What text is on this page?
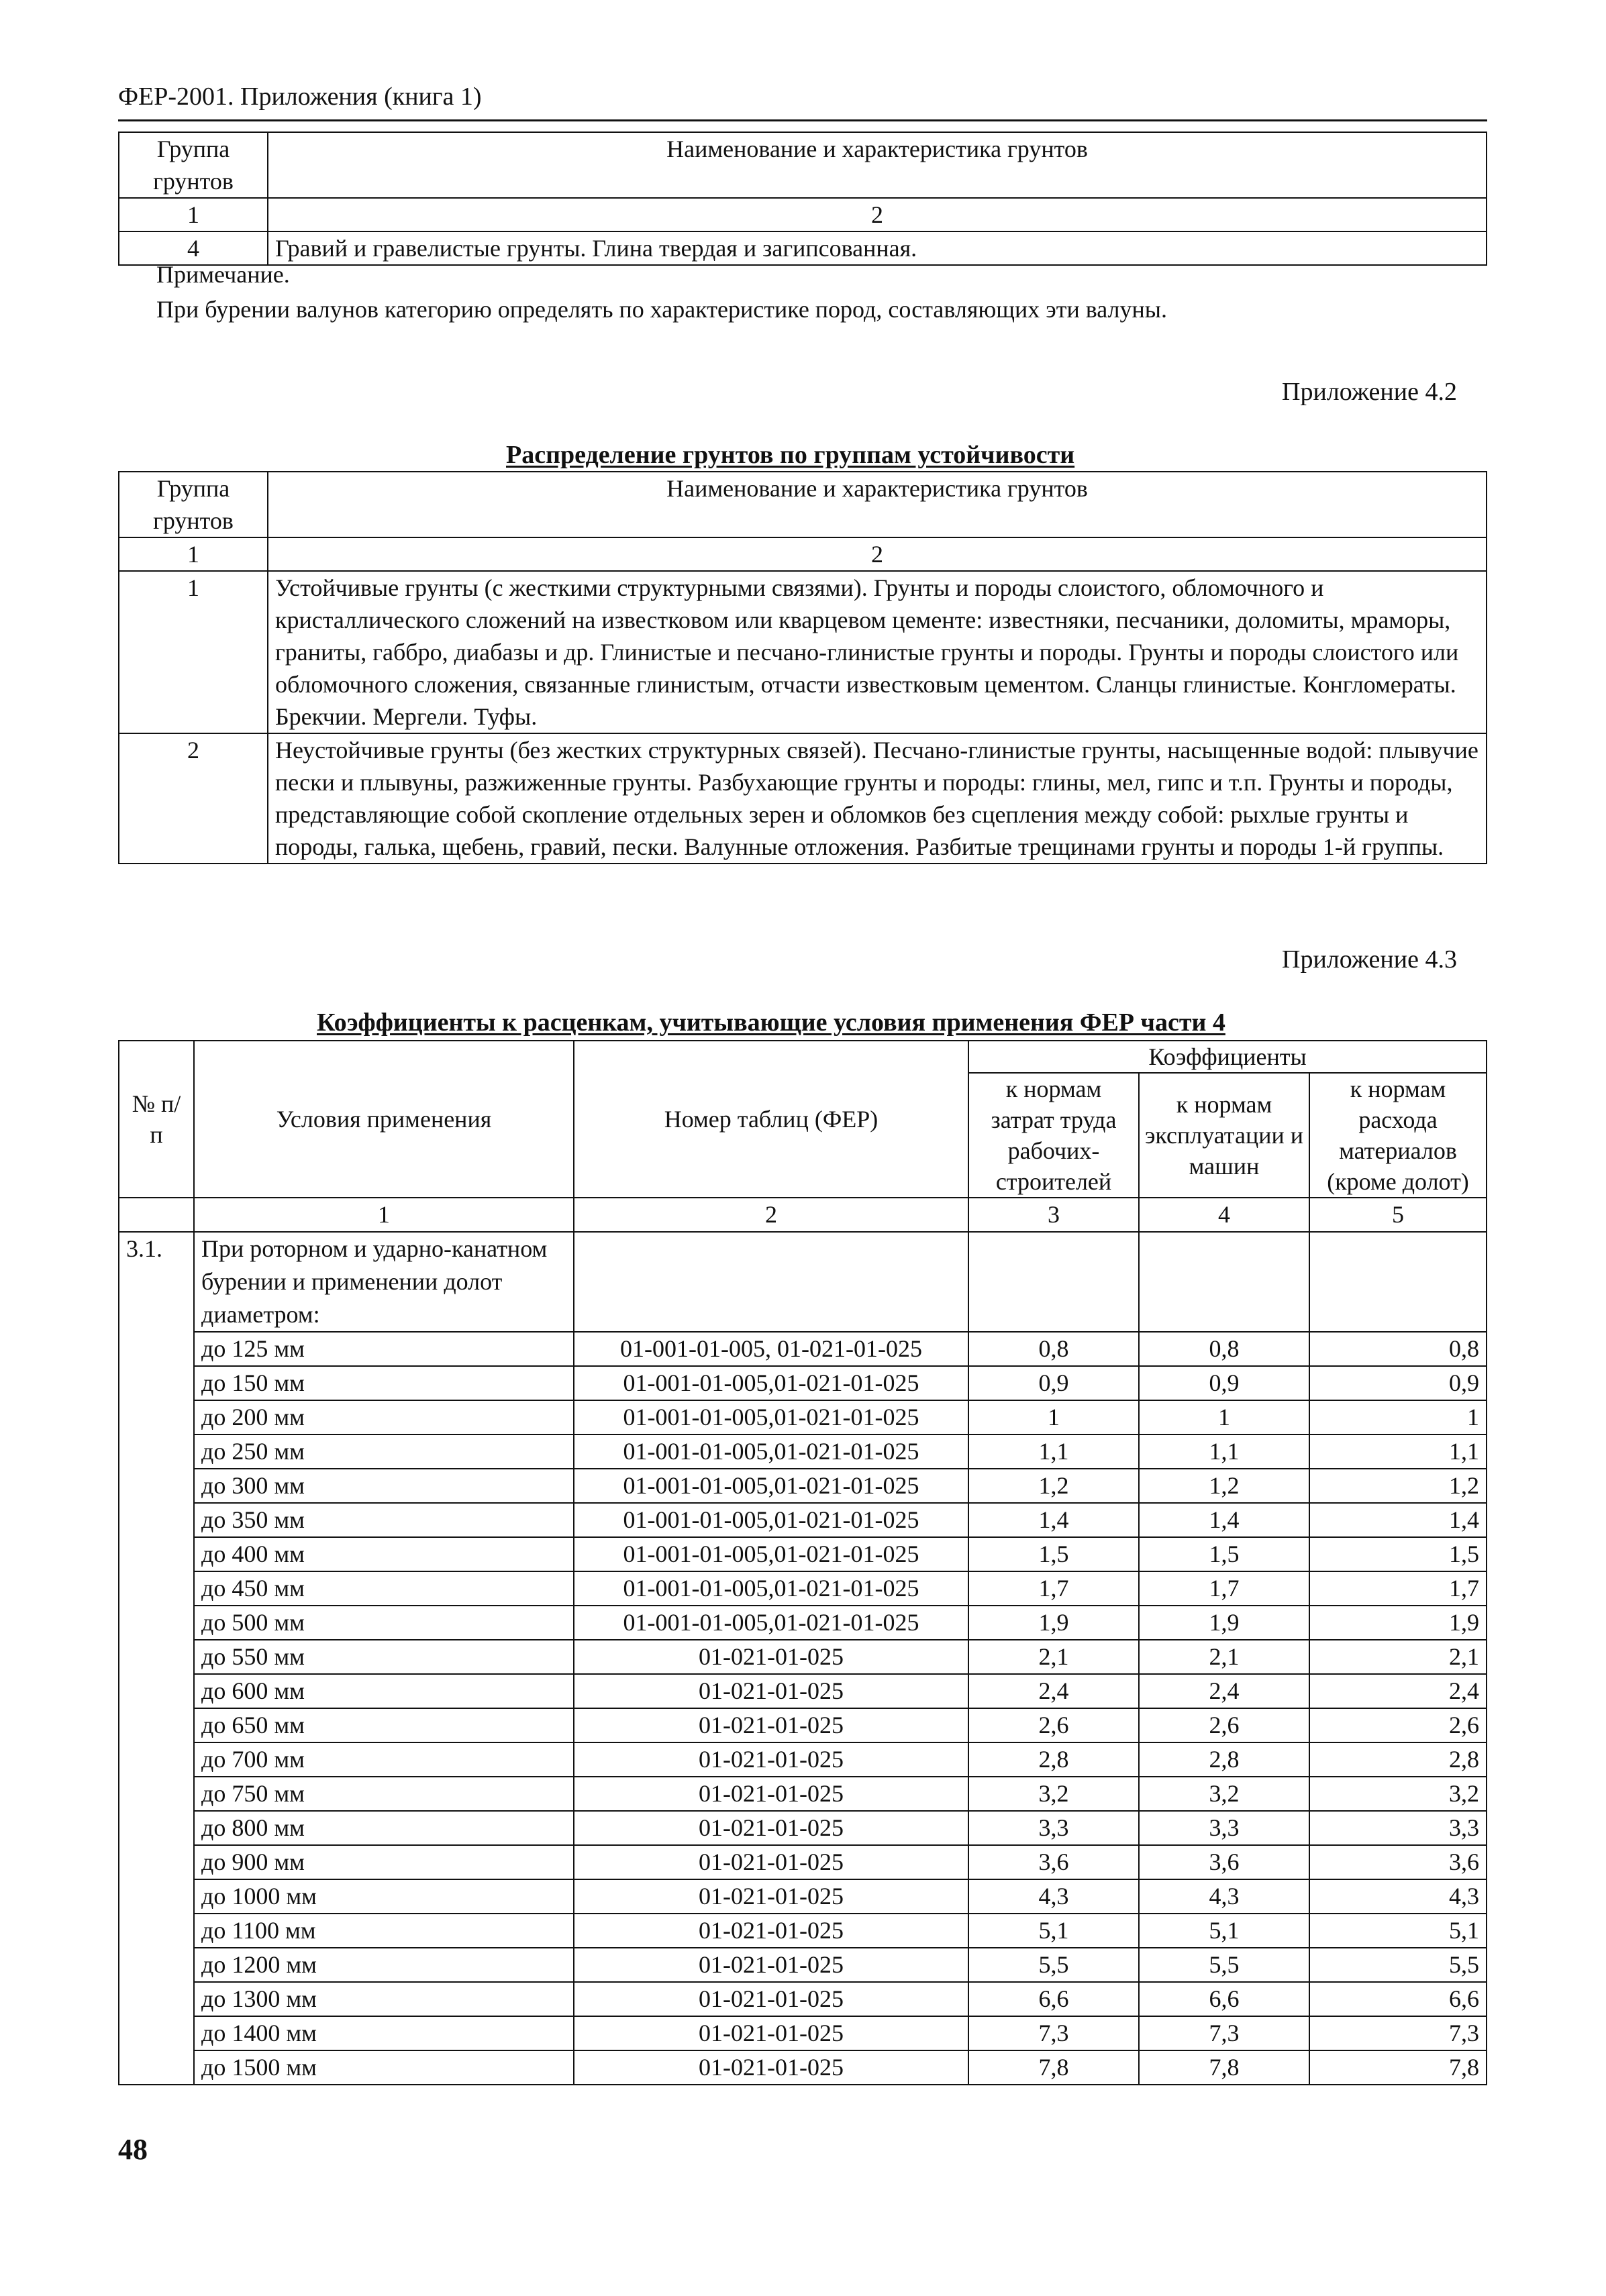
ФЕР-2001. Приложения (книга 1)
Группа грунтов	Наименование и характеристика грунтов
1	2
4	Гравий и гравелистые грунты. Глина твердая и загипсованная.
Примечание.
При бурении валунов категорию определять по характеристике пород, составляющих эти валуны.
Приложение 4.2
Распределение грунтов по группам устойчивости
Группа грунтов	Наименование и характеристика грунтов
1	2
1	Устойчивые грунты (с жесткими структурными связями). Грунты и породы слоистого, обломочного и кристаллического сложений на известковом или кварцевом цементе: известняки, песчаники, доломиты, мраморы, граниты, габбро, диабазы и др. Глинистые и песчано-глинистые грунты и породы. Грунты и породы слоистого или обломочного сложения, связанные глинистым, отчасти известковым цементом. Сланцы глинистые. Конгломераты. Брекчии. Мергели. Туфы.
2	Неустойчивые грунты (без жестких структурных связей). Песчано-глинистые грунты, насыщенные водой: плывучие пески и плывуны, разжиженные грунты. Разбухающие грунты и породы: глины, мел, гипс и т.п. Грунты и породы, представляющие собой скопление отдельных зерен и обломков без сцепления между собой: рыхлые грунты и породы, галька, щебень, гравий, пески. Валунные отложения. Разбитые трещинами грунты и породы 1-й группы.
Приложение 4.3
Коэффициенты к расценкам, учитывающие условия применения ФЕР части 4
№ п/п	Условия применения	Номер таблиц (ФЕР)	Коэффициенты		
			к нормам затрат труда рабочих-строителей	к нормам эксплуатации и машин	к нормам расхода материалов (кроме долот)
	1	2	3	4	5
3.1.	При роторном и ударно-канатном бурении и применении долот диаметром:				
	до 125 мм	01-001-01-005, 01-021-01-025	0,8	0,8	0,8
	до 150 мм	01-001-01-005,01-021-01-025	0,9	0,9	0,9
	до 200 мм	01-001-01-005,01-021-01-025	1	1	1
	до 250 мм	01-001-01-005,01-021-01-025	1,1	1,1	1,1
	до 300 мм	01-001-01-005,01-021-01-025	1,2	1,2	1,2
	до 350 мм	01-001-01-005,01-021-01-025	1,4	1,4	1,4
	до 400 мм	01-001-01-005,01-021-01-025	1,5	1,5	1,5
	до 450 мм	01-001-01-005,01-021-01-025	1,7	1,7	1,7
	до 500 мм	01-001-01-005,01-021-01-025	1,9	1,9	1,9
	до 550 мм	01-021-01-025	2,1	2,1	2,1
	до 600 мм	01-021-01-025	2,4	2,4	2,4
	до 650 мм	01-021-01-025	2,6	2,6	2,6
	до 700 мм	01-021-01-025	2,8	2,8	2,8
	до 750 мм	01-021-01-025	3,2	3,2	3,2
	до 800 мм	01-021-01-025	3,3	3,3	3,3
	до 900 мм	01-021-01-025	3,6	3,6	3,6
	до 1000 мм	01-021-01-025	4,3	4,3	4,3
	до 1100 мм	01-021-01-025	5,1	5,1	5,1
	до 1200 мм	01-021-01-025	5,5	5,5	5,5
	до 1300 мм	01-021-01-025	6,6	6,6	6,6
	до 1400 мм	01-021-01-025	7,3	7,3	7,3
	до 1500 мм	01-021-01-025	7,8	7,8	7,8
48
